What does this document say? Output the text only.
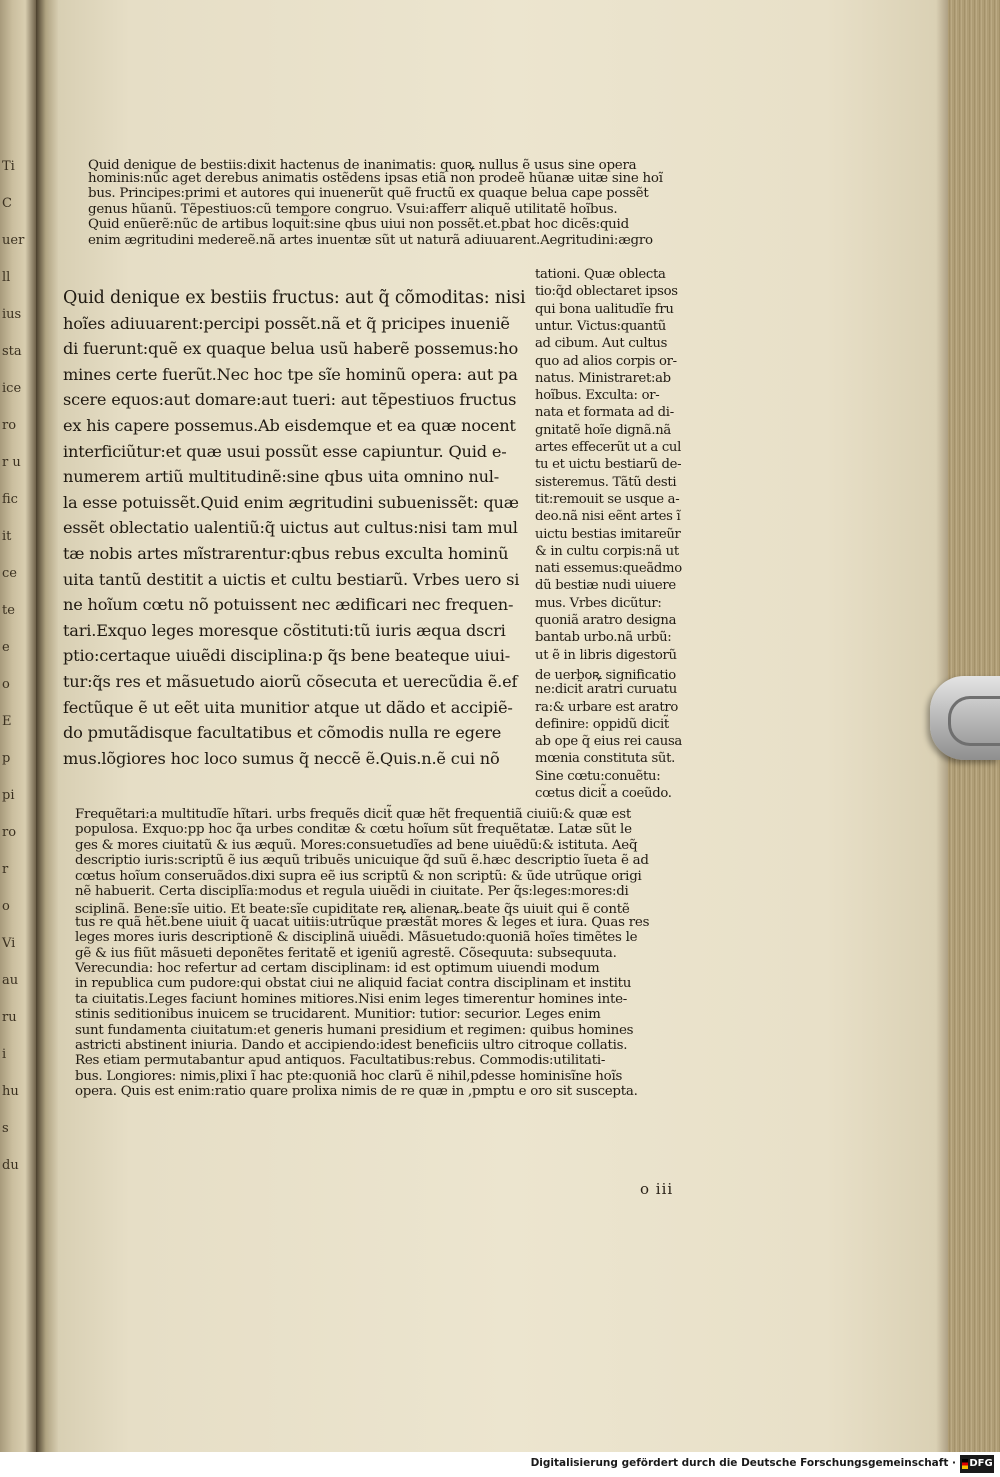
Ti
C
uer
ll
ius
sta
ice
ro
r u
fic
it
ce
te
e
o
E
p
pi
ro
r
o
Vi
au
ru
i
hu
s
du
Quid denique de bestiis:dixit hactenus de inanimatis: quoꝶ nullus ẽ usus sine opera
hominis:nũc aget derebus animatis ostẽdens ipsas etiã non prodeẽ hũanæ uitæ sine hoĩ
bus. Principes:primi et autores qui inuenerũt quẽ fructũ ex quaque belua cape possẽt
genus hũanũ. Tẽpestiuos:cũ tempore congruo. Vsui:afferr aliquẽ utilitatẽ hoĩbus.
Quid enũerẽ:nũc de artibus loquit̃:sine qbus uiui non possẽt.et.pbat hoc dicẽs:quid
enim ægritudini medereẽ.nã artes inuentæ sũt ut naturã adiuuarent.Aegritudini:ægro
Quid denique ex bestiis fructus: aut q̃ cõmoditas: nisi
hoĩes adiuuarent:percipi possẽt.nã et q̃ pricipes inueniẽ
di fuerunt:quẽ ex quaque belua usũ haberẽ possemus:ho
mines certe fuerũt.Nec hoc tpe sĩe hominũ opera: aut pa
scere equos:aut domare:aut tueri: aut tẽpestiuos fructus
ex his capere possemus.Ab eisdemque et ea quæ nocent
interficiũtur:et quæ usui possũt esse capiuntur. Quid e-
numerem artiũ multitudinẽ:sine qbus uita omnino nul-
la esse potuissẽt.Quid enim ægritudini subuenissẽt: quæ
essẽt oblectatio ualentiũ:q̃ uictus aut cultus:nisi tam mul
tæ nobis artes mĩstrarentur:qbus rebus exculta hominũ
uita tantũ destitit a uictis et cultu bestiarũ. Vrbes uero si
ne hoĩum cœtu nõ potuissent nec ædificari nec frequen-
tari.Exquo leges moresque cõstituti:tũ iuris æqua dscri
ptio:certaque uiuẽdi disciplina:p q̃s bene beateque uiui-
tur:q̃s res et mãsuetudo aiorũ cõsecuta et uerecũdia ẽ.ef
fectũque ẽ ut eẽt uita munitior atque ut dãdo et accipiẽ-
do pmutãdisque facultatibus et cõmodis nulla re egere
mus.lõgiores hoc loco sumus q̃ neccẽ ẽ.Quis.n.ẽ cui nõ
tationi. Quæ oblecta
tio:q̃d oblectaret ipsos
qui bona ualitudĩe fru
untur. Victus:quantũ
ad cibum. Aut cultus
quo ad alios corpis or-
natus. Ministraret:ab
hoĩbus. Exculta: or-
nata et formata ad di-
gnitatẽ hoĩe dignã.nã
artes effecerũt ut a cul
tu et uictu bestiarũ de-
sisteremus. Tãtũ desti
tit:remouit se usque a-
deo.nã nisi eẽnt artes ĩ
uictu bestias imitareũr
& in cultu corpis:nã ut
nati essemus:queãdmo
dũ bestiæ nudi uiuere
mus. Vrbes dicũtur:
quoniã aratro designa
bantab urbo.nã urbũ:
ut ẽ in libris digestorũ
de uerboꝶ significatio
ne:dicit̃ aratri curuatu
ra:& urbare est aratro
definire: oppidũ dicit̃
ab ope q̃ eius rei causa
mœnia constituta sũt.
Sine cœtu:conuẽtu:
cœtus dicit̃ a coeũdo.
Frequẽtari:a multitudĩe hĩtari. urbs frequẽs dicit̃ quæ hẽt frequentiã ciuiũ:& quæ est
populosa. Exquo:pp hoc q̃a urbes conditæ & cœtu hoĩum sũt frequẽtatæ. Latæ sũt le
ges & mores ciuitatũ & ius æquũ. Mores:consuetudĩes ad bene uiuẽdũ:& istituta. Aeq̃
descriptio iuris:scriptũ ẽ ius æquũ tribuẽs unicuique q̃d suũ ẽ.hæc descriptio ĩueta ẽ ad
cœtus hoĩum conseruãdos.dixi supra eẽ ius scriptũ & non scriptũ: & ũde utrũque origi
nẽ habuerit. Certa disciplĩa:modus et regula uiuẽdi in ciuitate. Per q̃s:leges:mores:di
sciplinã. Bene:sĩe uitio. Et beate:sĩe cupiditate reꝶ alienaꝶ.beate q̃s uiuit qui ẽ contẽ
tus re quã hẽt.bene uiuit q̃ uacat uitiis:utrũque præstãt mores & leges et iura. Quas res
leges mores iuris descriptionẽ & disciplinã uiuẽdi. Mãsuetudo:quoniã hoĩes timẽtes le
gẽ & ius fiũt mãsueti deponẽtes feritatẽ et igeniũ agrestẽ. Cõsequuta: subsequuta.
Verecundia: hoc refertur ad certam disciplinam: id est optimum uiuendi modum
in republica cum pudore:qui obstat ciui ne aliquid faciat contra disciplinam et institu
ta ciuitatis.Leges faciunt homines mitiores.Nisi enim leges timerentur homines inte-
stinis seditionibus inuicem se trucidarent. Munitior: tutior: securior. Leges enim
sunt fundamenta ciuitatum:et generis humani presidium et regimen: quibus homines
astricti abstinent iniuria. Dando et accipiendo:idest beneficiis ultro citroque collatis.
Res etiam permutabantur apud antiquos. Facultatibus:rebus. Commodis:utilitati-
bus. Longiores: nimis,plixi ĩ hac pte:quoniã hoc clarũ ẽ nihil,pdesse hominisĩne hoĩs
opera. Quis est enim:ratio quare prolixa nimis de re quæ in ,pmptu e oro sit suscepta.
o iii
Digitalisierung gefördert durch die Deutsche Forschungsgemeinschaft ·	DFG
